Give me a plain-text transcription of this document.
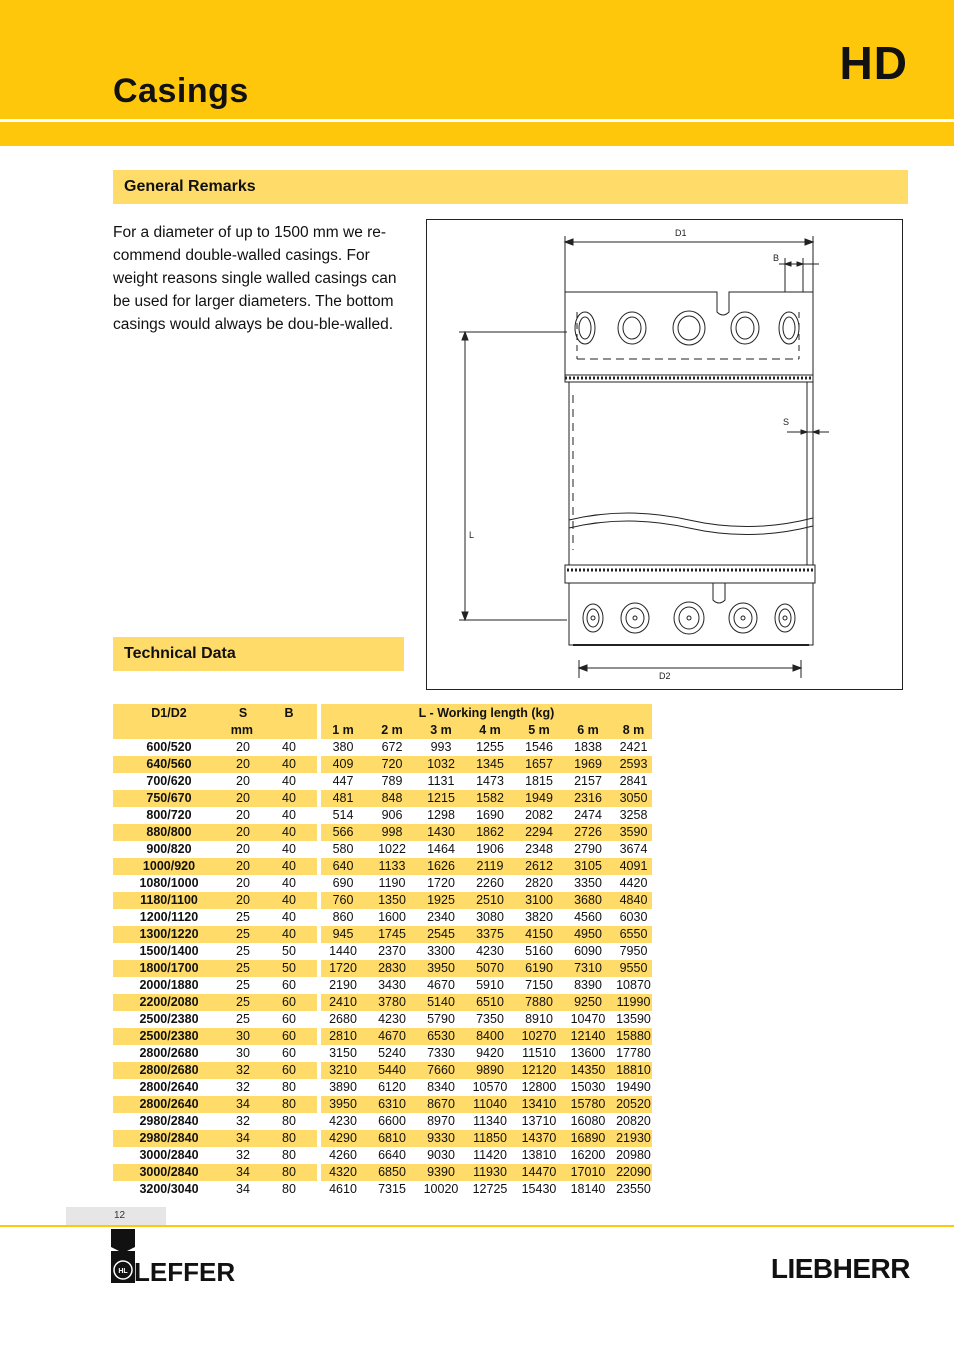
Casings
HD
General Remarks
For a diameter of up to 1500 mm we re-commend double-walled casings. For weight reasons single walled casings can be used for larger diameters. The bottom casings would always be dou-ble-walled.
D1
B
S
L
D2
Technical Data
D1/D2	S	B		L - Working length (kg)						
mm				1 m	2 m	3 m	4 m	5 m	6 m	8 m
600/520	20	40		380	672	993	1255	1546	1838	2421
640/560	20	40		409	720	1032	1345	1657	1969	2593
700/620	20	40		447	789	1131	1473	1815	2157	2841
750/670	20	40		481	848	1215	1582	1949	2316	3050
800/720	20	40		514	906	1298	1690	2082	2474	3258
880/800	20	40		566	998	1430	1862	2294	2726	3590
900/820	20	40		580	1022	1464	1906	2348	2790	3674
1000/920	20	40		640	1133	1626	2119	2612	3105	4091
1080/1000	20	40		690	1190	1720	2260	2820	3350	4420
1180/1100	20	40		760	1350	1925	2510	3100	3680	4840
1200/1120	25	40		860	1600	2340	3080	3820	4560	6030
1300/1220	25	40		945	1745	2545	3375	4150	4950	6550
1500/1400	25	50		1440	2370	3300	4230	5160	6090	7950
1800/1700	25	50		1720	2830	3950	5070	6190	7310	9550
2000/1880	25	60		2190	3430	4670	5910	7150	8390	10870
2200/2080	25	60		2410	3780	5140	6510	7880	9250	11990
2500/2380	25	60		2680	4230	5790	7350	8910	10470	13590
2500/2380	30	60		2810	4670	6530	8400	10270	12140	15880
2800/2680	30	60		3150	5240	7330	9420	11510	13600	17780
2800/2680	32	60		3210	5440	7660	9890	12120	14350	18810
2800/2640	32	80		3890	6120	8340	10570	12800	15030	19490
2800/2640	34	80		3950	6310	8670	11040	13410	15780	20520
2980/2840	32	80		4230	6600	8970	11340	13710	16080	20820
2980/2840	34	80		4290	6810	9330	11850	14370	16890	21930
3000/2840	32	80		4260	6640	9030	11420	13810	16200	20980
3000/2840	34	80		4320	6850	9390	11930	14470	17010	22090
3200/3040	34	80		4610	7315	10020	12725	15430	18140	23550
12
HL LEFFER	LIEBHERR
